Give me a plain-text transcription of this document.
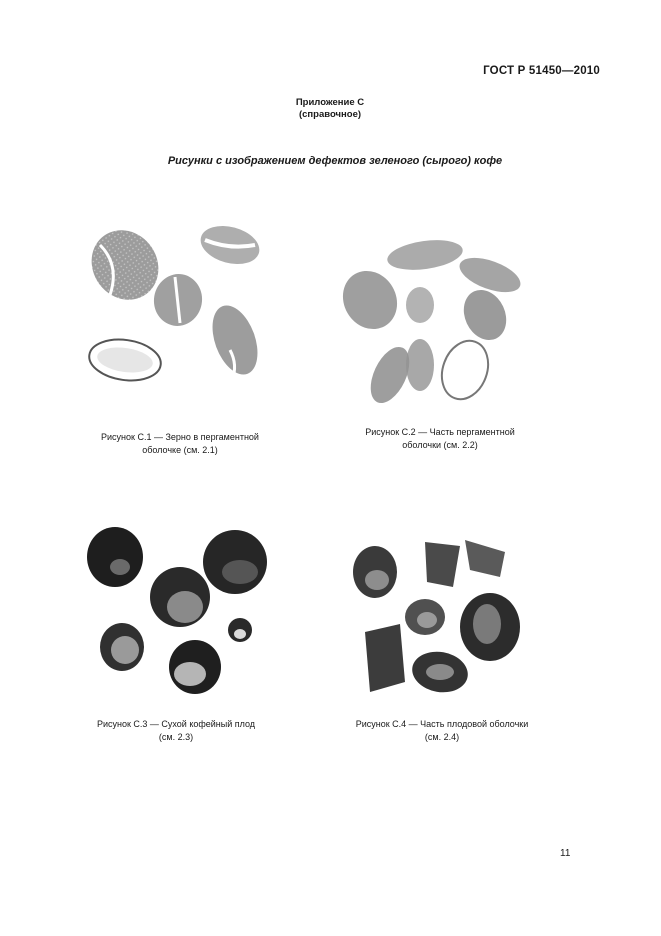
ГОСТ Р 51450—2010
Приложение С
(справочное)
Рисунки с изображением дефектов зеленого (сырого) кофе
Рисунок С.1 — Зерно в пергаментной
оболочке (см. 2.1)
Рисунок С.2 — Часть пергаментной
оболочки (см. 2.2)
Рисунок С.3 — Сухой кофейный плод
(см. 2.3)
Рисунок С.4 — Часть плодовой оболочки
(см. 2.4)
11
